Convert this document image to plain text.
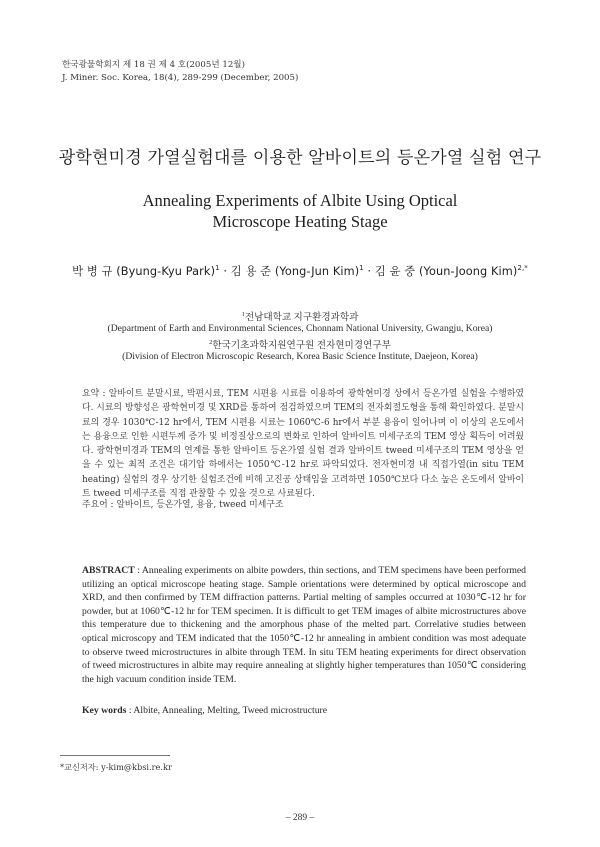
한국광물학회지 제 18 권 제 4 호(2005년 12월)
J. Miner. Soc. Korea, 18(4), 289-299 (December, 2005)
광학현미경 가열실험대를 이용한 알바이트의 등온가열 실험 연구
Annealing Experiments of Albite Using Optical
Microscope Heating Stage
박 병 규 (Byung-Kyu Park)$^1$ · 김 용 준 (Yong-Jun Kim)$^1$ · 김 윤 중 (Youn-Joong Kim)$^{2,*}$
$^1$전남대학교 지구환경과학과
(Department of Earth and Environmental Sciences, Chonnam National University, Gwangju, Korea)
$^2$한국기초과학지원연구원 전자현미경연구부
(Division of Electron Microscopic Research, Korea Basic Science Institute, Daejeon, Korea)
요약 : 알바이트 분말시료, 박편시료, TEM 시편용 시료를 이용하여 광학현미경 상에서 등온가열 실험을 수행하였다. 시료의 방향성은 광학현미경 및 XRD를 통하여 점검하였으며 TEM의 전자회절도형을 통해 확인하였다. 분말시료의 경우 1030℃-12 hr에서, TEM 시편용 시료는 1060℃-6 hr에서 부분 용융이 일어나며 이 이상의 온도에서는 용융으로 인한 시편두께 증가 및 비정질상으로의 변화로 인하여 알바이트 미세구조의 TEM 영상 획득이 어려웠다. 광학현미경과 TEM의 연계를 통한 알바이트 등온가열 실험 결과 알바이트 tweed 미세구조의 TEM 영상을 얻을 수 있는 최적 조건은 대기압 하에서는 1050℃-12 hr로 파악되었다. 전자현미경 내 직접가열(in situ TEM heating) 실험의 경우 상기한 실험조건에 비해 고진공 상태임을 고려하면 1050℃보다 다소 높은 온도에서 알바이트 tweed 미세구조를 직접 관찰할 수 있을 것으로 사료된다.
주요어 : 알바이트, 등온가열, 용융, tweed 미세구조
ABSTRACT : Annealing experiments on albite powders, thin sections, and TEM specimens have been performed utilizing an optical microscope heating stage. Sample orientations were determined by optical microscope and XRD, and then confirmed by TEM diffraction patterns. Partial melting of samples occurred at 1030℃-12 hr for powder, but at 1060℃-12 hr for TEM specimen. It is difficult to get TEM images of albite microstructures above this temperature due to thickening and the amorphous phase of the melted part. Correlative studies between optical microscopy and TEM indicated that the 1050℃-12 hr annealing in ambient condition was most adequate to observe tweed microstructures in albite through TEM. In situ TEM heating experiments for direct observation of tweed microstructures in albite may require annealing at slightly higher temperatures than 1050℃ considering the high vacuum condition inside TEM.
Key words : Albite, Annealing, Melting, Tweed microstructure
*교신저자: y-kim@kbsi.re.kr
– 289 –
